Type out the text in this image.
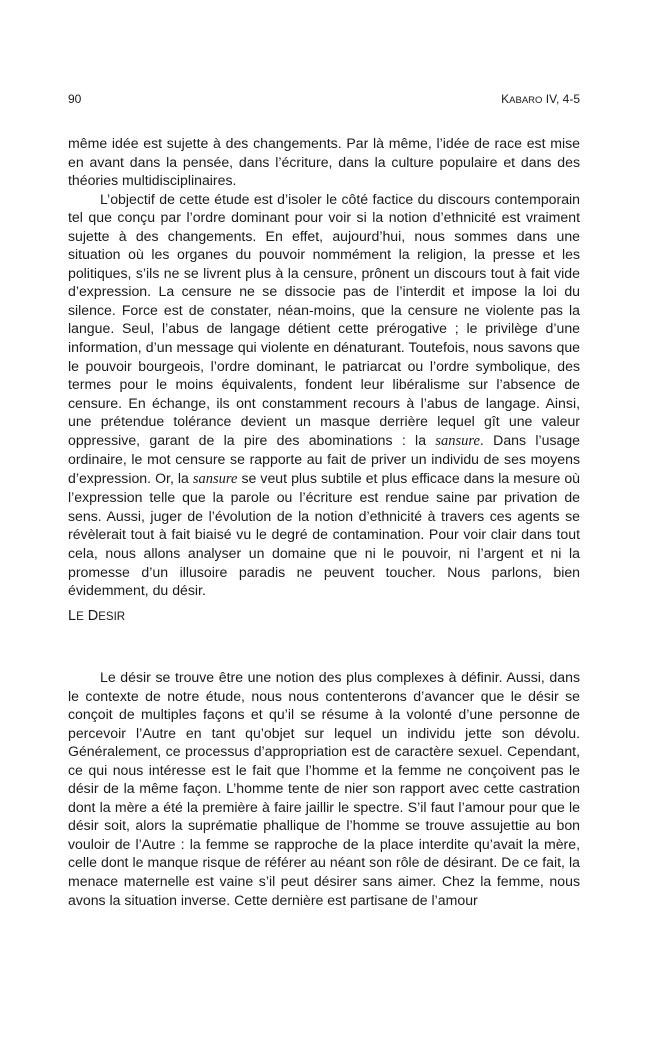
90	KABARO IV, 4-5

même idée est sujette à des changements. Par là même, l’idée de race est mise en avant dans la pensée, dans l’écriture, dans la culture populaire et dans des théories multidisciplinaires.

L’objectif de cette étude est d’isoler le côté factice du discours contemporain tel que conçu par l’ordre dominant pour voir si la notion d’ethnicité est vraiment sujette à des changements. En effet, aujourd’hui, nous sommes dans une situation où les organes du pouvoir nommément la religion, la presse et les politiques, s’ils ne se livrent plus à la censure, prônent un discours tout à fait vide d’expression. La censure ne se dissocie pas de l’interdit et impose la loi du silence. Force est de constater, néan-moins, que la censure ne violente pas la langue. Seul, l’abus de langage détient cette prérogative ; le privilège d’une information, d’un message qui violente en dénaturant. Toutefois, nous savons que le pouvoir bourgeois, l’ordre dominant, le patriarcat ou l’ordre symbolique, des termes pour le moins équivalents, fondent leur libéralisme sur l’absence de censure. En échange, ils ont constamment recours à l’abus de langage. Ainsi, une prétendue tolérance devient un masque derrière lequel gît une valeur oppressive, garant de la pire des abominations : la sansure. Dans l’usage ordinaire, le mot censure se rapporte au fait de priver un individu de ses moyens d’expression. Or, la sansure se veut plus subtile et plus efficace dans la mesure où l’expression telle que la parole ou l’écriture est rendue saine par privation de sens. Aussi, juger de l’évolution de la notion d’ethnicité à travers ces agents se révèlerait tout à fait biaisé vu le degré de contamination. Pour voir clair dans tout cela, nous allons analyser un domaine que ni le pouvoir, ni l’argent et ni la promesse d’un illusoire paradis ne peuvent toucher. Nous parlons, bien évidemment, du désir.

LE DESIR

Le désir se trouve être une notion des plus complexes à définir. Aussi, dans le contexte de notre étude, nous nous contenterons d’avancer que le désir se conçoit de multiples façons et qu’il se résume à la volonté d’une personne de percevoir l’Autre en tant qu’objet sur lequel un individu jette son dévolu. Généralement, ce processus d’appropriation est de caractère sexuel. Cependant, ce qui nous intéresse est le fait que l’homme et la femme ne conçoivent pas le désir de la même façon. L’homme tente de nier son rapport avec cette castration dont la mère a été la première à faire jaillir le spectre. S’il faut l’amour pour que le désir soit, alors la suprématie phallique de l’homme se trouve assujettie au bon vouloir de l’Autre : la femme se rapproche de la place interdite qu’avait la mère, celle dont le manque risque de référer au néant son rôle de désirant. De ce fait, la menace maternelle est vaine s’il peut désirer sans aimer. Chez la femme, nous avons la situation inverse. Cette dernière est partisane de l’amour
